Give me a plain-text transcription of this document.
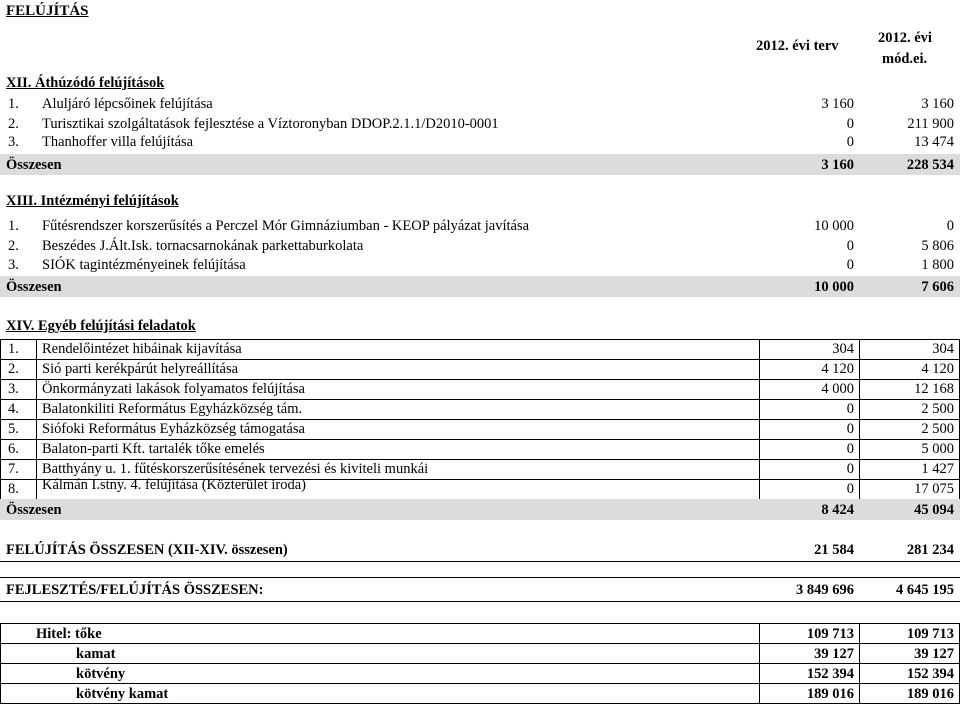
FELÚJÍTÁS
2012. évi terv	2012. évi
mód.ei.
XII. Áthúzódó felújítások
1. Aluljáró lépcsőinek felújítása	3 160	3 160
2. Turisztikai szolgáltatások fejlesztése a Víztoronyban DDOP.2.1.1/D2010-0001	0	211 900
3. Thanhoffer villa felújítása	0	13 474
Összesen	3 160	228 534
XIII. Intézményi felújítások
1. Fűtésrendszer korszerűsítés a Perczel Mór Gimnáziumban - KEOP pályázat javítása	10 000	0
2. Beszédes J.Ált.Isk. tornacsarnokának parkettaburkolata	0	5 806
3. SIÓK tagintézményeinek felújítása	0	1 800
Összesen	10 000	7 606
XIV. Egyéb felújítási feladatok
1. Rendelőintézet hibáinak kijavítása	304	304
2. Sió parti kerékpárút helyreállítása	4 120	4 120
3. Önkormányzati lakások folyamatos felújítása	4 000	12 168
4. Balatonkiliti Református Egyházközség tám.	0	2 500
5. Siófoki Református Eyházközség támogatása	0	2 500
6. Balaton-parti Kft. tartalék tőke emelés	0	5 000
7. Batthyány u. 1. fűtéskorszerűsítésének tervezési és kiviteli munkái	0	1 427
8. Kálmán I.stny. 4. felújítása (Közterület iroda)	0	17 075
Összesen	8 424	45 094
FELÚJÍTÁS ÖSSZESEN (XII-XIV. összesen)	21 584	281 234
FEJLESZTÉS/FELÚJÍTÁS ÖSSZESEN:	3 849 696	4 645 195
Hitel: tőke	109 713	109 713
kamat	39 127	39 127
kötvény	152 394	152 394
kötvény kamat	189 016	189 016
